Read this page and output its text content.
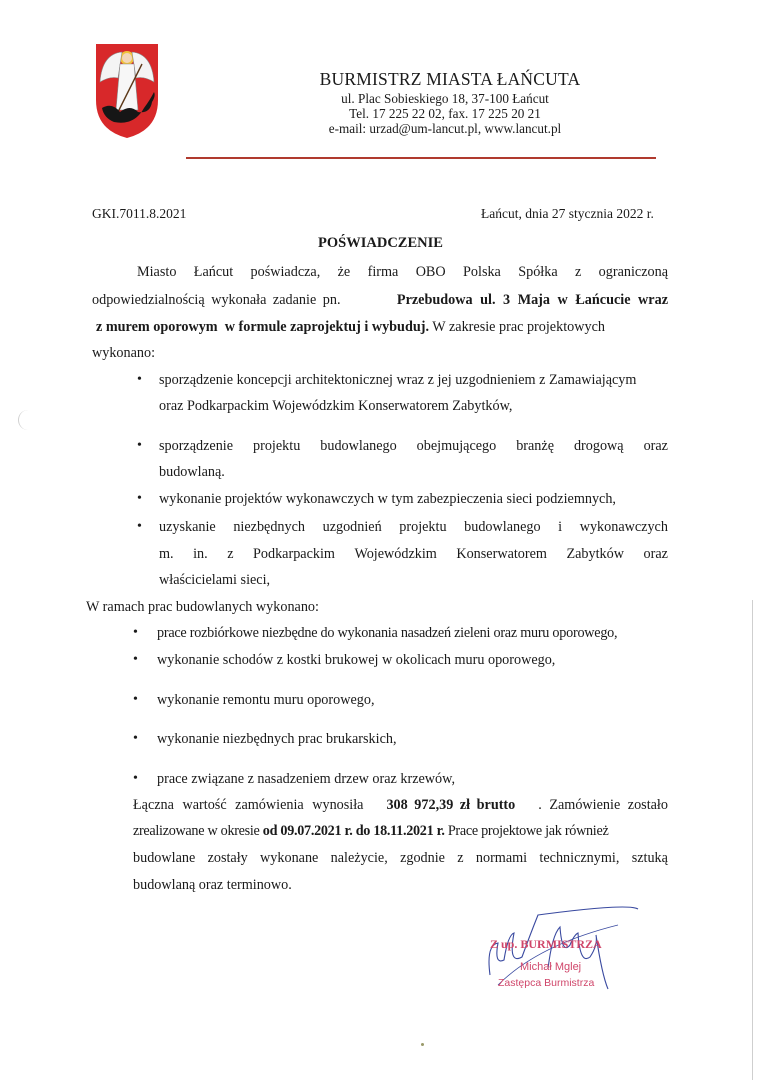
BURMISTRZ MIASTA ŁAŃCUTA
ul. Plac Sobieskiego 18, 37-100 Łańcut
Tel. 17 225 22 02, fax. 17 225 20 21
e-mail: urzad@um-lancut.pl, www.lancut.pl
GKI.7011.8.2021	Łańcut, dnia 27 stycznia 2022 r.
POŚWIADCZENIE
Miasto Łańcut poświadcza, że firma OBO Polska Spółka z ograniczoną
odpowiedzialnością wykonała zadanie pn.	Przebudowa ul. 3 Maja w Łańcucie wraz
z murem oporowym  w formule zaprojektuj i wybuduj. W zakresie prac projektowych
wykonano:
• sporządzenie koncepcji architektonicznej wraz z jej uzgodnieniem z Zamawiającym
oraz Podkarpackim Wojewódzkim Konserwatorem Zabytków,
• sporządzenie projektu budowlanego obejmującego branżę drogową oraz
budowlaną.
• wykonanie projektów wykonawczych w tym zabezpieczenia sieci podziemnych,
• uzyskanie niezbędnych uzgodnień projektu budowlanego i wykonawczych
m. in. z Podkarpackim Wojewódzkim Konserwatorem Zabytków oraz
właścicielami sieci,
W ramach prac budowlanych wykonano:
• prace rozbiórkowe niezbędne do wykonania nasadzeń zieleni oraz muru oporowego,
• wykonanie schodów z kostki brukowej w okolicach muru oporowego,
• wykonanie remontu muru oporowego,
• wykonanie niezbędnych prac brukarskich,
• prace związane z nasadzeniem drzew oraz krzewów,
Łączna wartość zamówienia wynosiła 308 972,39 zł brutto . Zamówienie zostało
zrealizowane w okresie od 09.07.2021 r. do 18.11.2021 r. Prace projektowe jak również
budowlane zostały wykonane należycie, zgodnie z normami technicznymi, sztuką
budowlaną oraz terminowo.
Z up. BURMISTRZA
Michał Mglej
Zastępca Burmistrza
